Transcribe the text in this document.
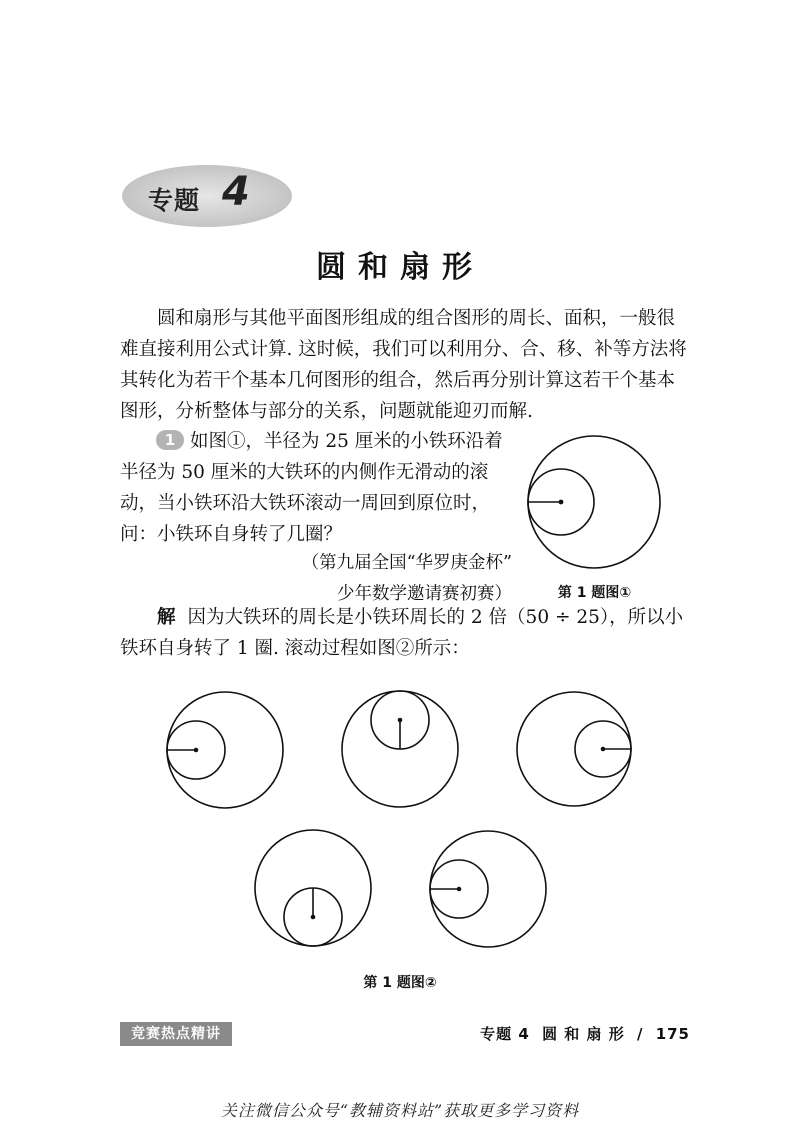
专题 4
圆和扇形
圆和扇形与其他平面图形组成的组合图形的周长、面积，一般很难直接利用公式计算. 这时候，我们可以利用分、合、移、补等方法将其转化为若干个基本几何图形的组合，然后再分别计算这若干个基本图形，分析整体与部分的关系，问题就能迎刃而解.
1 如图①，半径为 25 厘米的小铁环沿着半径为 50 厘米的大铁环的内侧作无滑动的滚动，当小铁环沿大铁环滚动一周回到原位时，问：小铁环自身转了几圈？
（第九届全国“华罗庚金杯”
少年数学邀请赛初赛）	第 1 题图①
解 因为大铁环的周长是小铁环周长的 2 倍（50 ÷ 25），所以小铁环自身转了 1 圈. 滚动过程如图②所示：
第 1 题图②
竞赛热点精讲	专题 4 圆 和 扇 形 / 175
关注微信公众号“教辅资料站”获取更多学习资料
